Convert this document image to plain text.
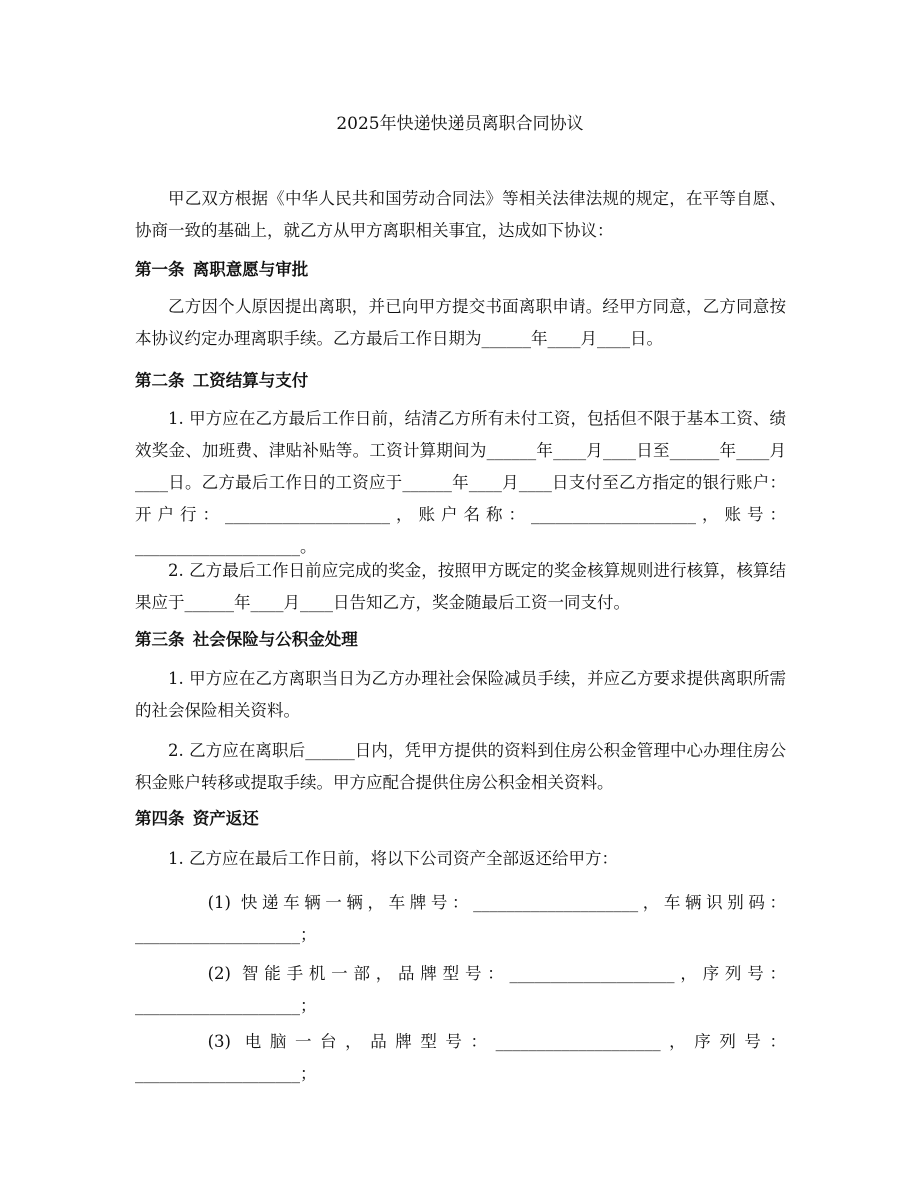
2025年快递快递员离职合同协议

甲乙双方根据《中华人民共和国劳动合同法》等相关法律法规的规定，在平等自愿、协商一致的基础上，就乙方从甲方离职相关事宜，达成如下协议：

第一条 离职意愿与审批

乙方因个人原因提出离职，并已向甲方提交书面离职申请。经甲方同意，乙方同意按本协议约定办理离职手续。乙方最后工作日期为______年____月____日。

第二条 工资结算与支付

1. 甲方应在乙方最后工作日前，结清乙方所有未付工资，包括但不限于基本工资、绩效奖金、加班费、津贴补贴等。工资计算期间为______年____月____日至______年____月____日。乙方最后工作日的工资应于______年____月____日支付至乙方指定的银行账户：开户行：____________________，账户名称：____________________，账号：____________________。

2. 乙方最后工作日前应完成的奖金，按照甲方既定的奖金核算规则进行核算，核算结果应于______年____月____日告知乙方，奖金随最后工资一同支付。

第三条 社会保险与公积金处理

1. 甲方应在乙方离职当日为乙方办理社会保险减员手续，并应乙方要求提供离职所需的社会保险相关资料。

2. 乙方应在离职后______日内，凭甲方提供的资料到住房公积金管理中心办理住房公积金账户转移或提取手续。甲方应配合提供住房公积金相关资料。

第四条 资产返还

1. 乙方应在最后工作日前，将以下公司资产全部返还给甲方：

(1) 快递车辆一辆，车牌号：____________________，车辆识别码：____________________；

(2) 智能手机一部，品牌型号：____________________，序列号：____________________；

(3) 电脑一台，品牌型号：____________________，序列号：____________________；
